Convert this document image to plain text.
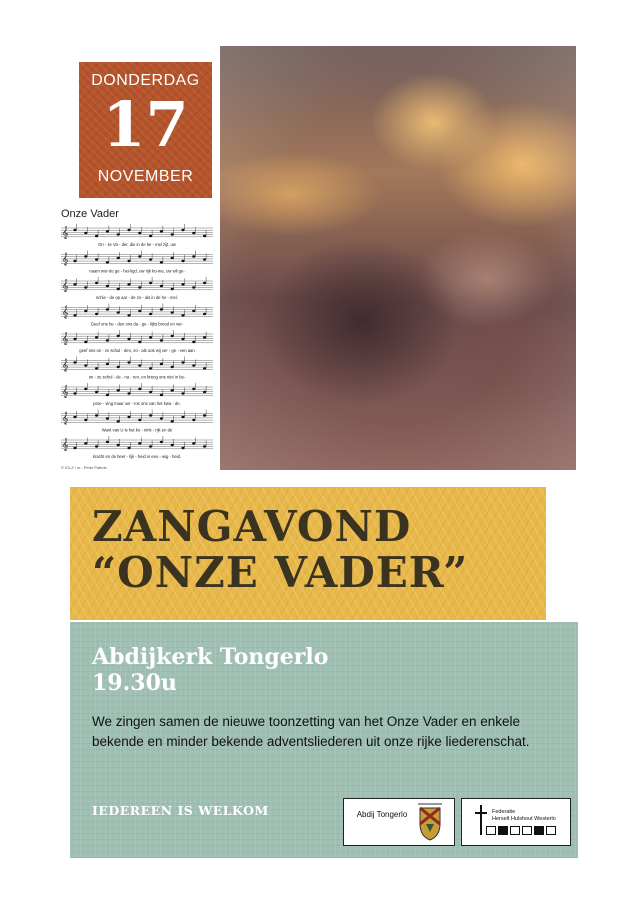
DONDERDAG
17
NOVEMBER
Onze Vader
𝄞
On - ze Va - der, die in de he - mel zijt, uw
𝄞
naam wor-de ge - hei-ligd, uw rijk ko-me, uw wil ge-
𝄞
schie - de op aar - de zo - als in de he - mel.
𝄞
Geef ons he - den ons da - ge - lijks brood en ver-
𝄞
geef ons on - ze schul - den, zo - als ook wij ver - ge - ven aan
𝄞
on - ze schul - de - na - ren, en breng ons niet in be-
𝄞
proe - ving maar ver - los ons van het kwa - de.
𝄞
Want van U is het ko - nink - rijk en de
𝄞
kracht en de heer - lijk - heid in eeu - wig - heid.
© ICLZ / m.: Peter Pattels
ZANGAVOND
“ONZE VADER”
Abdijkerk Tongerlo
19.30u
We zingen samen de nieuwe toonzetting van het Onze Vader en enkele bekende en minder bekende adventsliederen uit onze rijke liederenschat.
IEDEREEN IS WELKOM	Abdij Tongerlo	Federatie
Herselt Hulshout Westerlo
